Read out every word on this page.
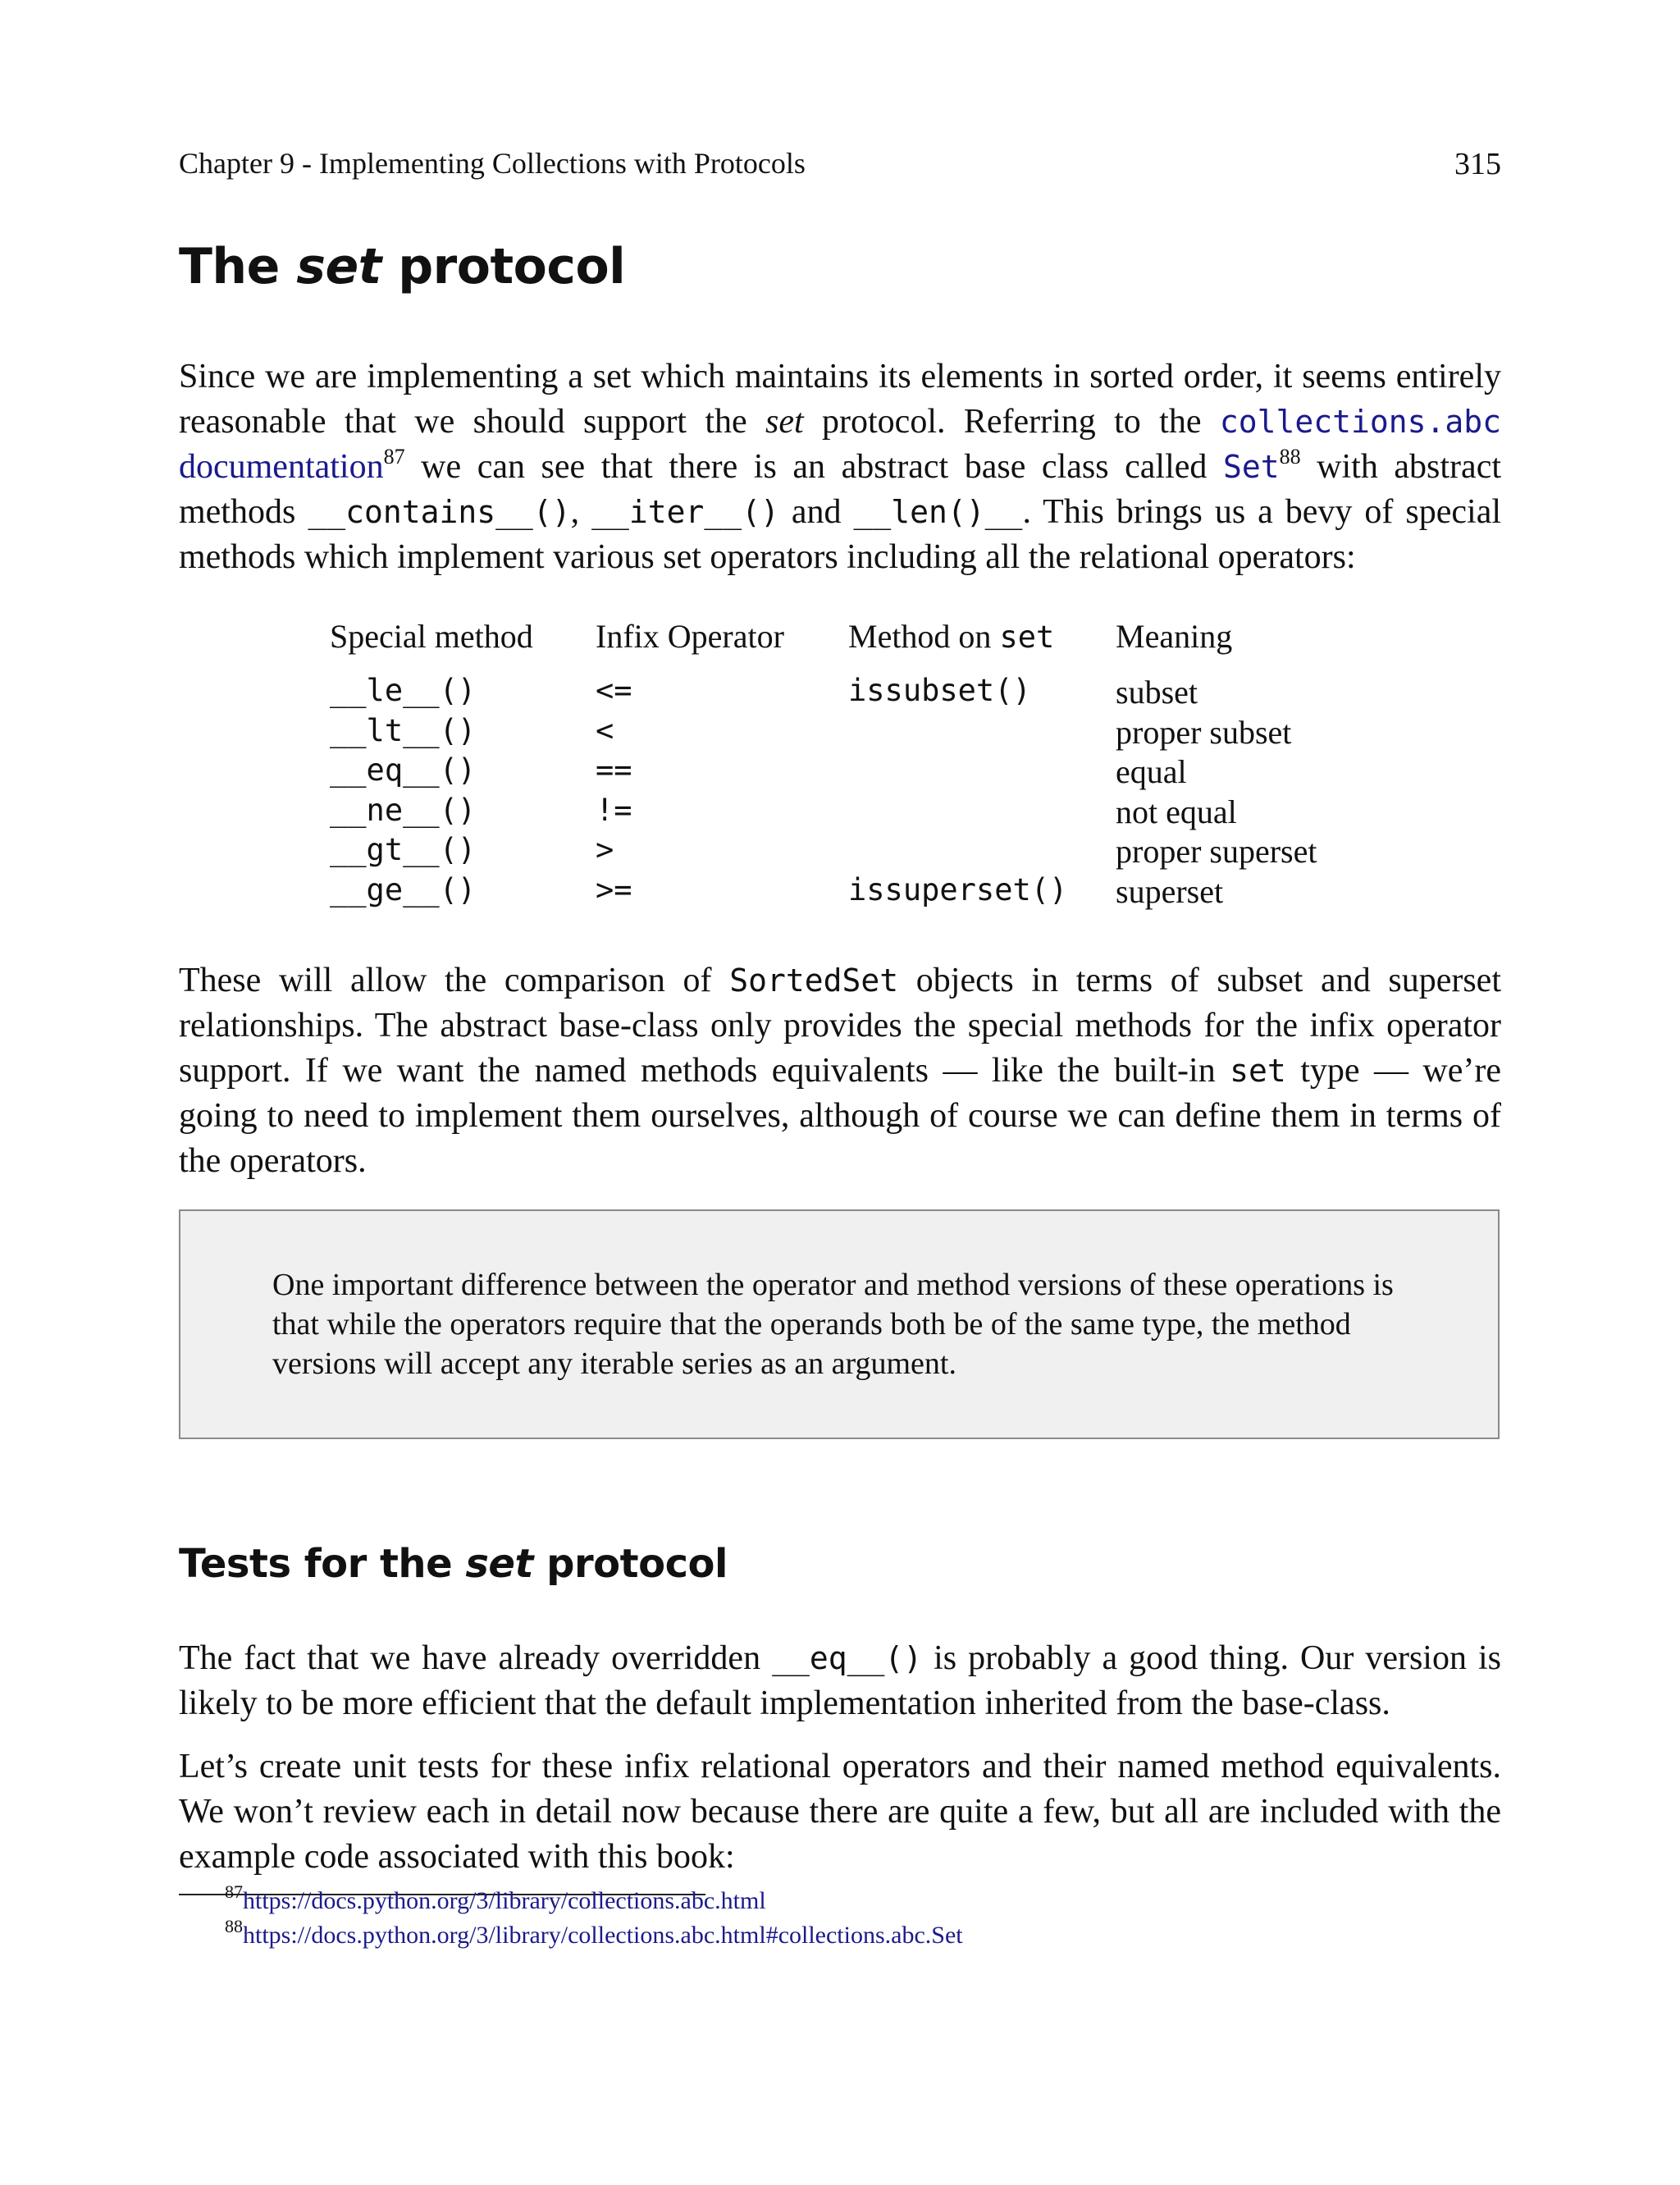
Chapter 9 - Implementing Collections with Protocols	315
The set protocol

Since we are implementing a set which maintains its elements in sorted order, it seems entirely reasonable that we should support the set protocol. Referring to the collections.abc documentation$^{87}$ we can see that there is an abstract base class called Set$^{88}$ with abstract methods __contains__(), __iter__() and __len()__. This brings us a bevy of special methods which implement various set operators including all the relational operators:

Special method	Infix Operator	Method on set	Meaning
__le__()	<=	issubset()	subset
__lt__()	<		proper subset
__eq__()	==		equal
__ne__()	!=		not equal
__gt__()	>		proper superset
__ge__()	>=	issuperset()	superset

These will allow the comparison of SortedSet objects in terms of subset and superset relationships. The abstract base-class only provides the special methods for the infix operator support. If we want the named methods equivalents — like the built-in set type — we’re going to need to implement them ourselves, although of course we can define them in terms of the operators.

One important difference between the operator and method versions of these operations is that while the operators require that the operands both be of the same type, the method versions will accept any iterable series as an argument.

Tests for the set protocol

The fact that we have already overridden __eq__() is probably a good thing. Our version is likely to be more efficient that the default implementation inherited from the base-class.

Let’s create unit tests for these infix relational operators and their named method equivalents. We won’t review each in detail now because there are quite a few, but all are included with the example code associated with this book:

$^{87}$https://docs.python.org/3/library/collections.abc.html
$^{88}$https://docs.python.org/3/library/collections.abc.html#collections.abc.Set
